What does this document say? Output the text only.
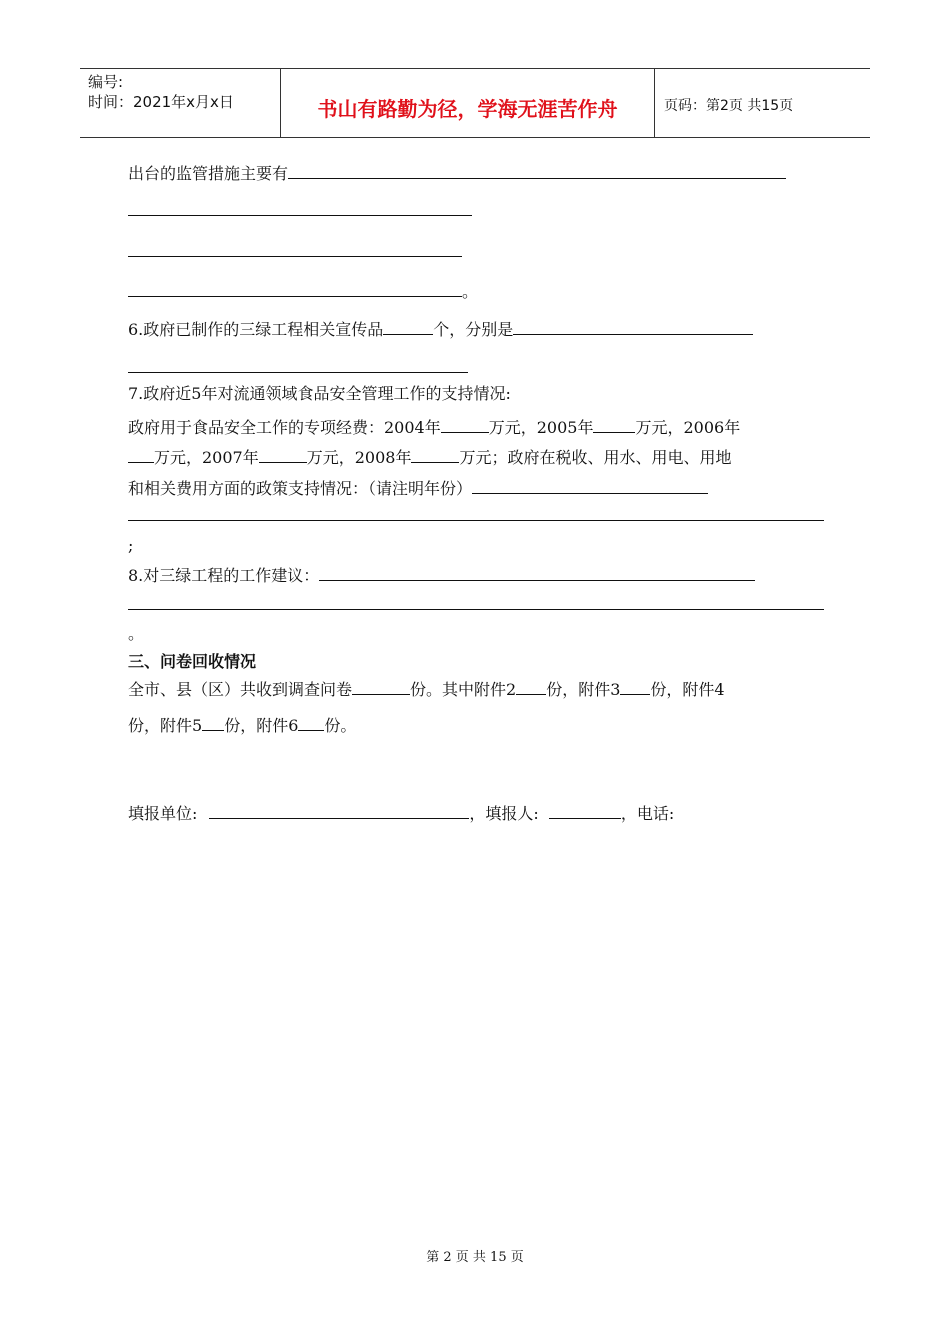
编号:
时间：2021年x月x日	书山有路勤为径，学海无涯苦作舟	页码：第2页 共15页
出台的监管措施主要有
。
6.政府已制作的三绿工程相关宣传品	个，分别是
7.政府近5年对流通领域食品安全管理工作的支持情况:
政府用于食品安全工作的专项经费：2004年	万元，2005年	万元，2006年
万元，2007年	万元，2008年	万元；政府在税收、用水、用电、用地
和相关费用方面的政策支持情况：（请注明年份）
;
8.对三绿工程的工作建议：
。
三、问卷回收情况
全市、县（区）共收到调查问卷	份。其中附件2 份，附件3 份，附件4
份，附件5 份，附件6 份。
填报单位:	，填报人:	，电话:
第 2 页 共 15 页
